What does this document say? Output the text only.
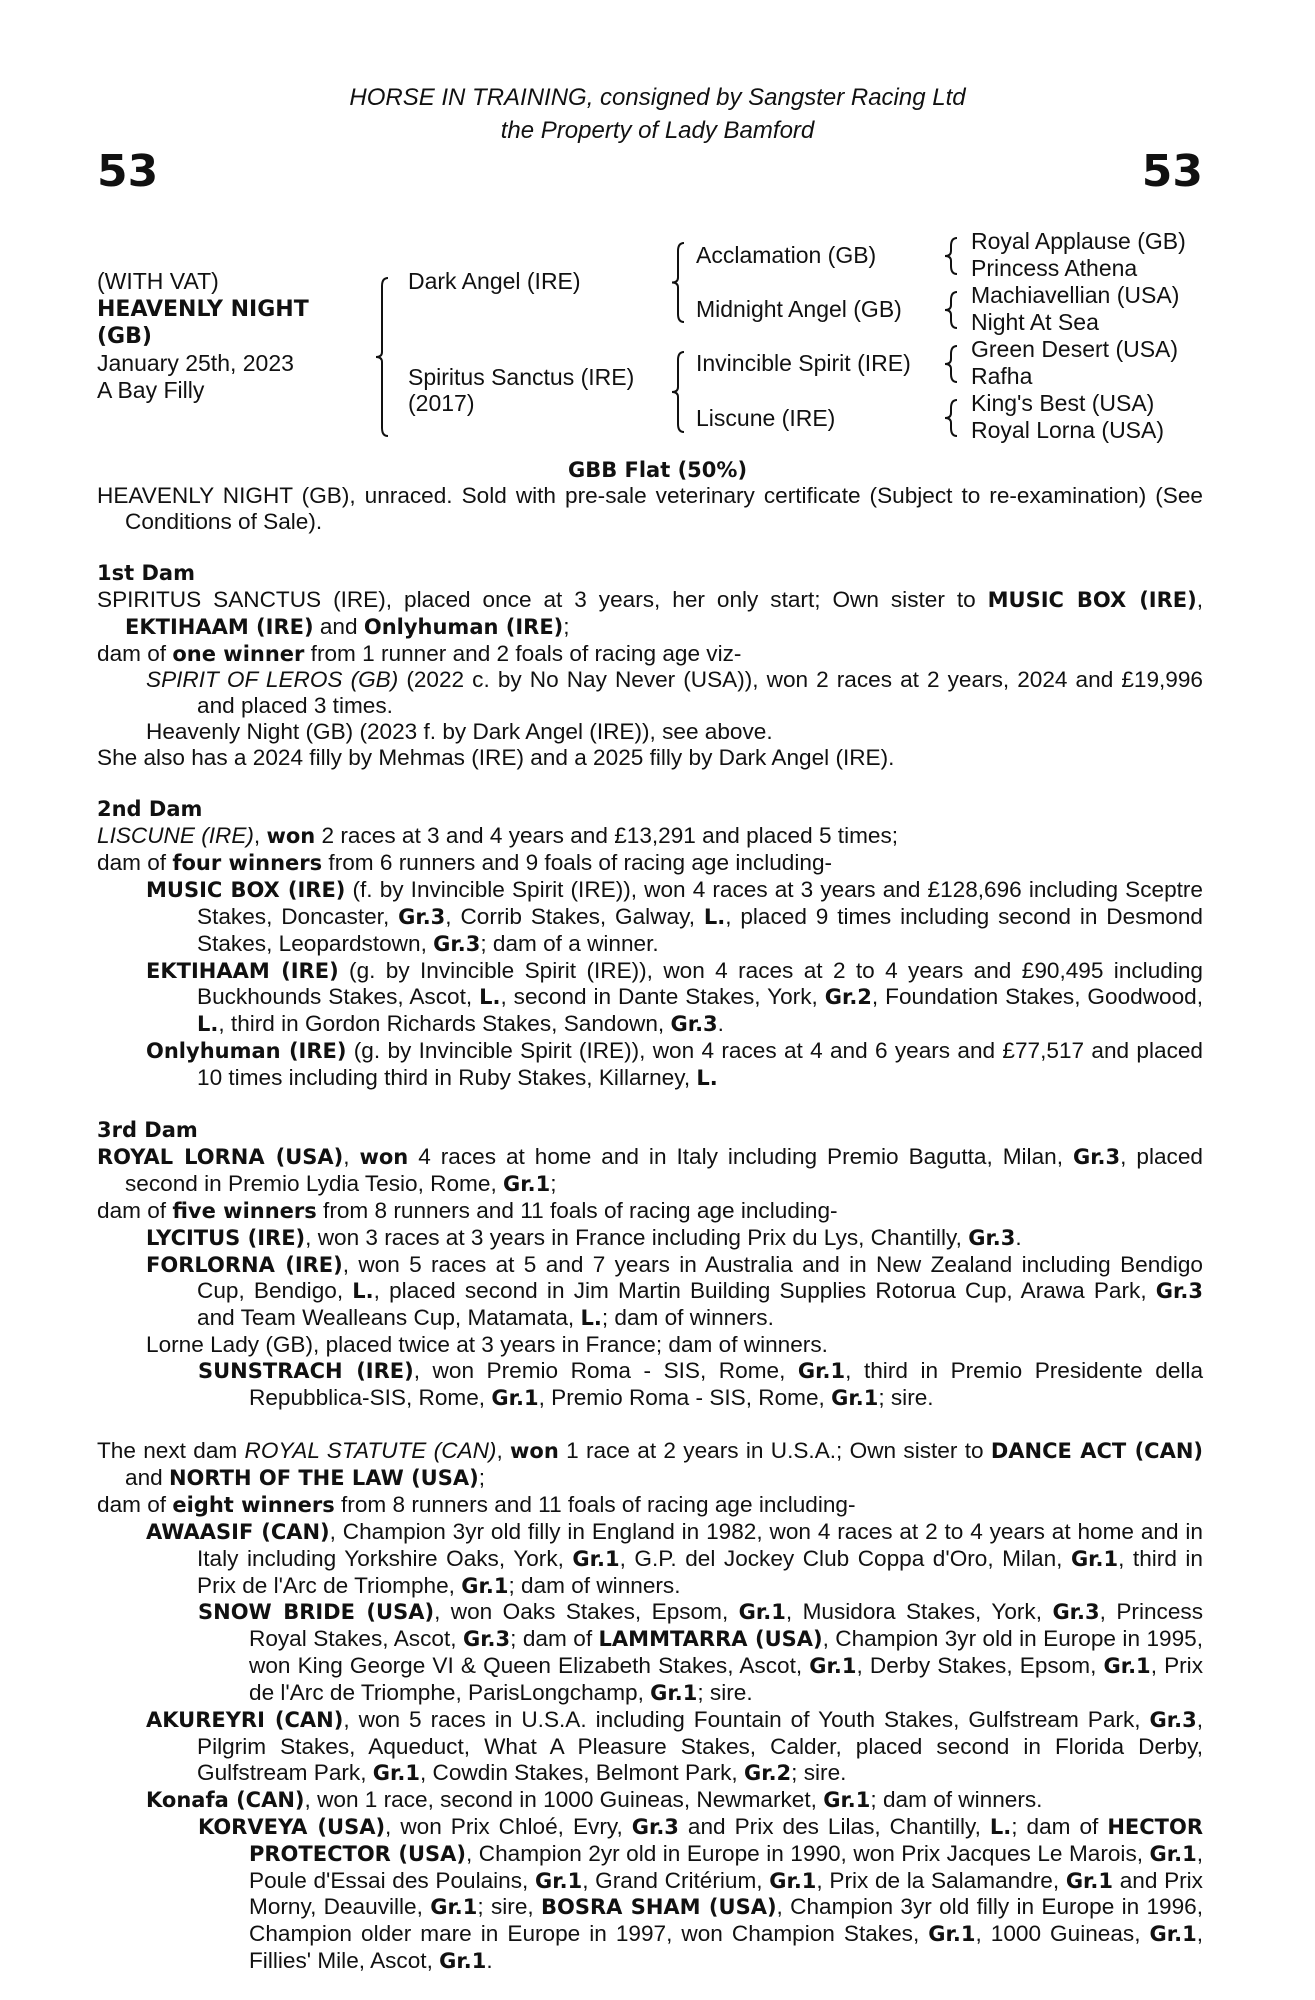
HORSE IN TRAINING, consigned by Sangster Racing Ltd
the Property of Lady Bamford
53	53
(WITH VAT)
HEAVENLY NIGHT
(GB)
January 25th, 2023
A Bay Filly
Dark Angel (IRE)
Spiritus Sanctus (IRE)
(2017)
Acclamation (GB)
Midnight Angel (GB)
Invincible Spirit (IRE)
Liscune (IRE)
Royal Applause (GB)
Princess Athena
Machiavellian (USA)
Night At Sea
Green Desert (USA)
Rafha
King's Best (USA)
Royal Lorna (USA)
GBB Flat (50%)
HEAVENLY NIGHT (GB), unraced. Sold with pre-sale veterinary certificate (Subject to re-examination) (See Conditions of Sale).
1st Dam
SPIRITUS SANCTUS (IRE), placed once at 3 years, her only start; Own sister to MUSIC BOX (IRE), EKTIHAAM (IRE) and Onlyhuman (IRE);
dam of one winner from 1 runner and 2 foals of racing age viz-
SPIRIT OF LEROS (GB) (2022 c. by No Nay Never (USA)), won 2 races at 2 years, 2024 and £19,996 and placed 3 times.
Heavenly Night (GB) (2023 f. by Dark Angel (IRE)), see above.
She also has a 2024 filly by Mehmas (IRE) and a 2025 filly by Dark Angel (IRE).
2nd Dam
LISCUNE (IRE), won 2 races at 3 and 4 years and £13,291 and placed 5 times;
dam of four winners from 6 runners and 9 foals of racing age including-
MUSIC BOX (IRE) (f. by Invincible Spirit (IRE)), won 4 races at 3 years and £128,696 including Sceptre Stakes, Doncaster, Gr.3, Corrib Stakes, Galway, L., placed 9 times including second in Desmond Stakes, Leopardstown, Gr.3; dam of a winner.
EKTIHAAM (IRE) (g. by Invincible Spirit (IRE)), won 4 races at 2 to 4 years and £90,495 including Buckhounds Stakes, Ascot, L., second in Dante Stakes, York, Gr.2, Foundation Stakes, Goodwood, L., third in Gordon Richards Stakes, Sandown, Gr.3.
Onlyhuman (IRE) (g. by Invincible Spirit (IRE)), won 4 races at 4 and 6 years and £77,517 and placed 10 times including third in Ruby Stakes, Killarney, L.
3rd Dam
ROYAL LORNA (USA), won 4 races at home and in Italy including Premio Bagutta, Milan, Gr.3, placed second in Premio Lydia Tesio, Rome, Gr.1;
dam of five winners from 8 runners and 11 foals of racing age including-
LYCITUS (IRE), won 3 races at 3 years in France including Prix du Lys, Chantilly, Gr.3.
FORLORNA (IRE), won 5 races at 5 and 7 years in Australia and in New Zealand including Bendigo Cup, Bendigo, L., placed second in Jim Martin Building Supplies Rotorua Cup, Arawa Park, Gr.3 and Team Wealleans Cup, Matamata, L.; dam of winners.
Lorne Lady (GB), placed twice at 3 years in France; dam of winners.
SUNSTRACH (IRE), won Premio Roma - SIS, Rome, Gr.1, third in Premio Presidente della Repubblica-SIS, Rome, Gr.1, Premio Roma - SIS, Rome, Gr.1; sire.
The next dam ROYAL STATUTE (CAN), won 1 race at 2 years in U.S.A.; Own sister to DANCE ACT (CAN) and NORTH OF THE LAW (USA);
dam of eight winners from 8 runners and 11 foals of racing age including-
AWAASIF (CAN), Champion 3yr old filly in England in 1982, won 4 races at 2 to 4 years at home and in Italy including Yorkshire Oaks, York, Gr.1, G.P. del Jockey Club Coppa d'Oro, Milan, Gr.1, third in Prix de l'Arc de Triomphe, Gr.1; dam of winners.
SNOW BRIDE (USA), won Oaks Stakes, Epsom, Gr.1, Musidora Stakes, York, Gr.3, Princess Royal Stakes, Ascot, Gr.3; dam of LAMMTARRA (USA), Champion 3yr old in Europe in 1995, won King George VI & Queen Elizabeth Stakes, Ascot, Gr.1, Derby Stakes, Epsom, Gr.1, Prix de l'Arc de Triomphe, ParisLongchamp, Gr.1; sire.
AKUREYRI (CAN), won 5 races in U.S.A. including Fountain of Youth Stakes, Gulfstream Park, Gr.3, Pilgrim Stakes, Aqueduct, What A Pleasure Stakes, Calder, placed second in Florida Derby, Gulfstream Park, Gr.1, Cowdin Stakes, Belmont Park, Gr.2; sire.
Konafa (CAN), won 1 race, second in 1000 Guineas, Newmarket, Gr.1; dam of winners.
KORVEYA (USA), won Prix Chloé, Evry, Gr.3 and Prix des Lilas, Chantilly, L.; dam of HECTOR PROTECTOR (USA), Champion 2yr old in Europe in 1990, won Prix Jacques Le Marois, Gr.1, Poule d'Essai des Poulains, Gr.1, Grand Critérium, Gr.1, Prix de la Salamandre, Gr.1 and Prix Morny, Deauville, Gr.1; sire, BOSRA SHAM (USA), Champion 3yr old filly in Europe in 1996, Champion older mare in Europe in 1997, won Champion Stakes, Gr.1, 1000 Guineas, Gr.1, Fillies' Mile, Ascot, Gr.1.
